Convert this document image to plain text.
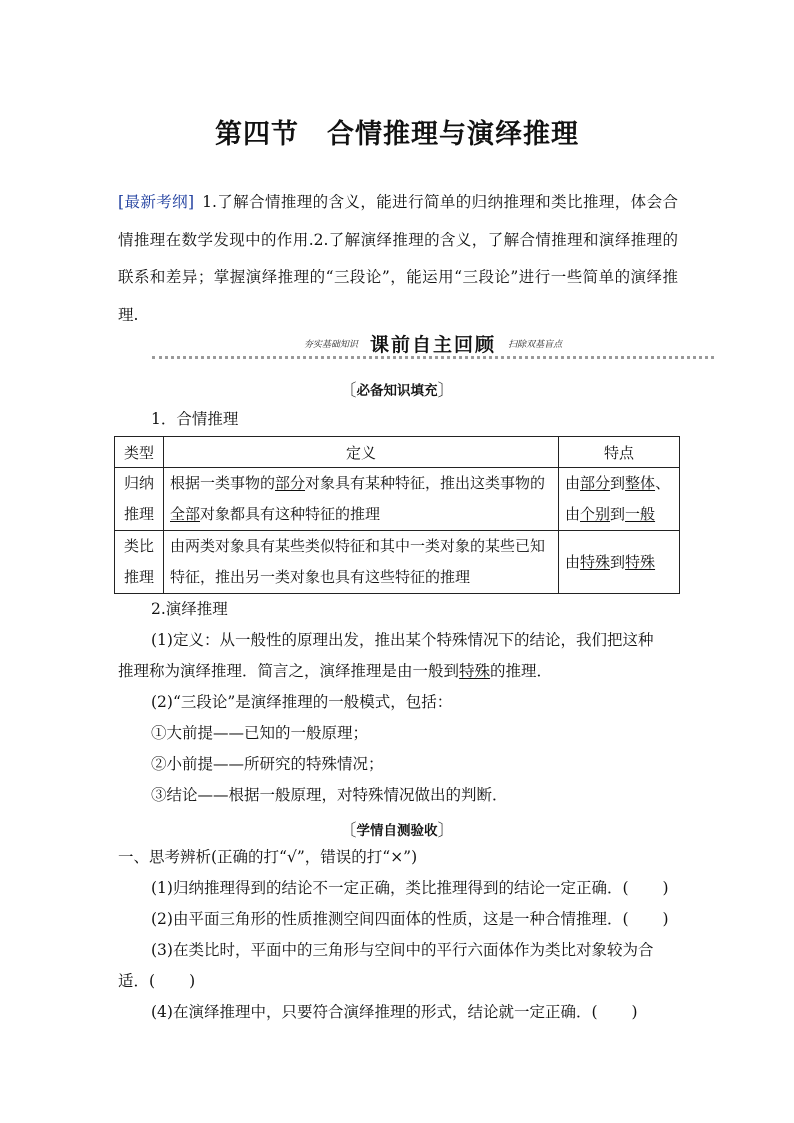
第四节 合情推理与演绎推理
[最新考纲] 1.了解合情推理的含义，能进行简单的归纳推理和类比推理，体会合情推理在数学发现中的作用.2.了解演绎推理的含义，了解合情推理和演绎推理的联系和差异；掌握演绎推理的“三段论”，能运用“三段论”进行一些简单的演绎推理.
夯实基础知识 课前自主回顾 扫除双基盲点
〔必备知识填充〕
1．合情推理
类型	定义	特点
归纳
推理	根据一类事物的部分对象具有某种特征，推出这类事物的全部对象都具有这种特征的推理	由部分到整体、由个别到一般
类比
推理	由两类对象具有某些类似特征和其中一类对象的某些已知特征，推出另一类对象也具有这些特征的推理	由特殊到特殊
2.演绎推理
(1)定义：从一般性的原理出发，推出某个特殊情况下的结论，我们把这种
推理称为演绎推理．简言之，演绎推理是由一般到特殊的推理．
(2)“三段论”是演绎推理的一般模式，包括：
①大前提——已知的一般原理；
②小前提——所研究的特殊情况；
③结论——根据一般原理，对特殊情况做出的判断．
〔学情自测验收〕
一、思考辨析(正确的打“√”，错误的打“×”)
(1)归纳推理得到的结论不一定正确，类比推理得到的结论一定正确．( )
(2)由平面三角形的性质推测空间四面体的性质，这是一种合情推理．( )
(3)在类比时，平面中的三角形与空间中的平行六面体作为类比对象较为合
适．( )
(4)在演绎推理中，只要符合演绎推理的形式，结论就一定正确．( )
